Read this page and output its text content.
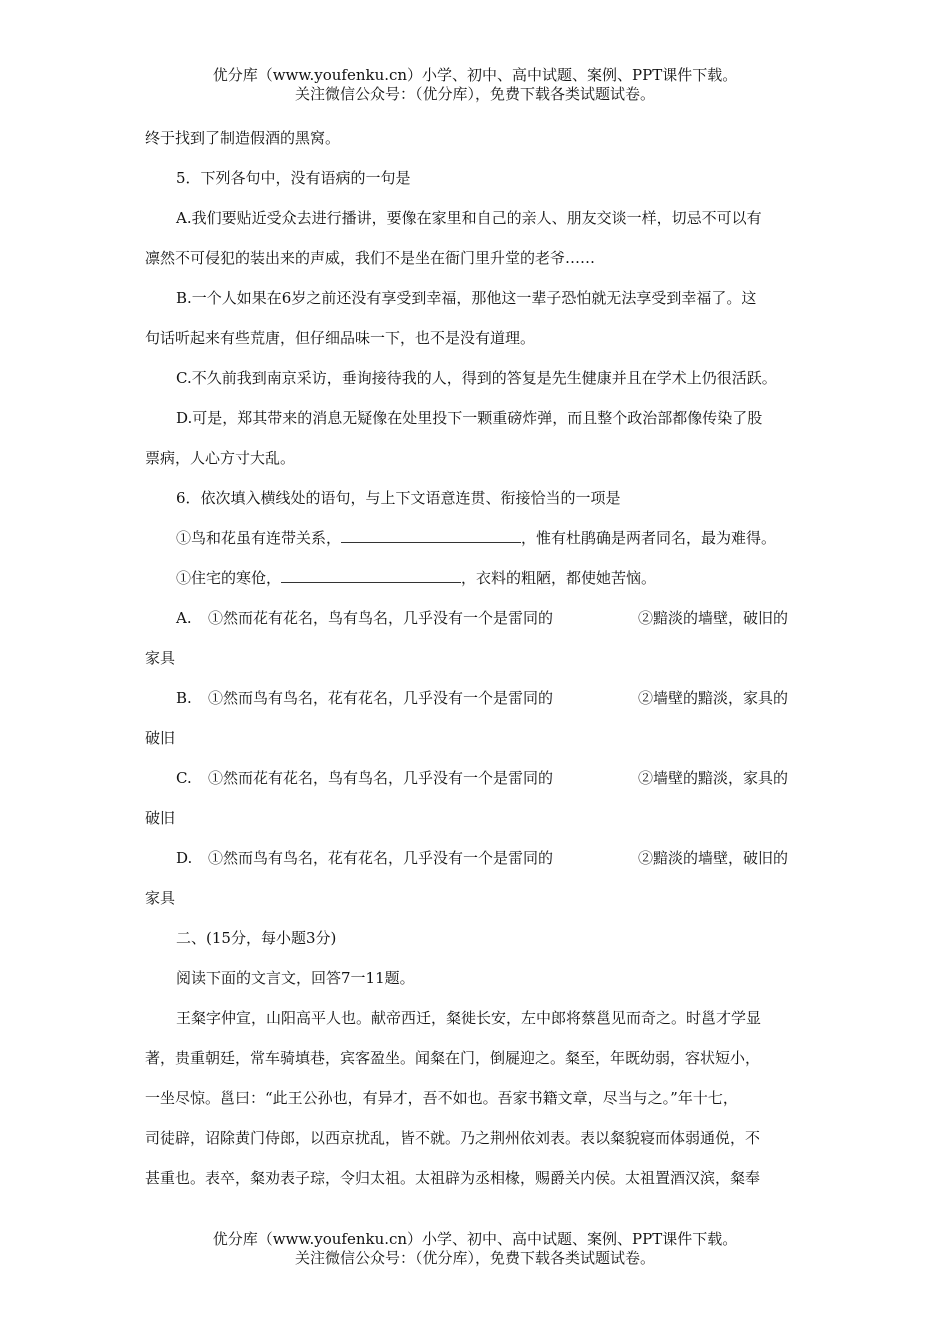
优分库（www.youfenku.cn）小学、初中、高中试题、案例、PPT课件下载。
关注微信公众号：（优分库），免费下载各类试题试卷。

终于找到了制造假酒的黑窝。

5．下列各句中，没有语病的一句是

A.我们要贴近受众去进行播讲，要像在家里和自己的亲人、朋友交谈一样，切忌不可以有

凛然不可侵犯的装出来的声威，我们不是坐在衙门里升堂的老爷……

B.一个人如果在6岁之前还没有享受到幸福，那他这一辈子恐怕就无法享受到幸福了。这

句话听起来有些荒唐，但仔细品味一下，也不是没有道理。

C.不久前我到南京采访，垂询接待我的人，得到的答复是先生健康并且在学术上仍很活跃。

D.可是，郑其带来的消息无疑像在处里投下一颗重磅炸弹，而且整个政治部都像传染了股

票病，人心方寸大乱。

6．依次填入横线处的语句，与上下文语意连贯、衔接恰当的一项是

①鸟和花虽有连带关系，	，惟有杜鹃确是两者同名，最为难得。

①住宅的寒伧，	，衣料的粗陋，都使她苦恼。

A.	①然而花有花名，鸟有鸟名，几乎没有一个是雷同的	②黯淡的墙壁，破旧的

家具

B.	①然而鸟有鸟名，花有花名，几乎没有一个是雷同的	②墙壁的黯淡，家具的

破旧

C.	①然而花有花名，鸟有鸟名，几乎没有一个是雷同的	②墙壁的黯淡，家具的

破旧

D.	①然而鸟有鸟名，花有花名，几乎没有一个是雷同的	②黯淡的墙壁，破旧的

家具

二、(15分，每小题3分)

阅读下面的文言文，回答7一11题。

王粲字仲宣，山阳高平人也。献帝西迁，粲徙长安，左中郎将蔡邕见而奇之。时邕才学显

著，贵重朝廷，常车骑填巷，宾客盈坐。闻粲在门，倒屣迎之。粲至，年既幼弱，容状短小，

一坐尽惊。邕曰：“此王公孙也，有异才，吾不如也。吾家书籍文章，尽当与之。”年十七，

司徒辟，诏除黄门侍郎，以西京扰乱，皆不就。乃之荆州依刘表。表以粲貌寝而体弱通侻，不

甚重也。表卒，粲劝表子琮，令归太祖。太祖辟为丞相椽，赐爵关内侯。太祖置酒汉滨，粲奉

优分库（www.youfenku.cn）小学、初中、高中试题、案例、PPT课件下载。
关注微信公众号：（优分库），免费下载各类试题试卷。
